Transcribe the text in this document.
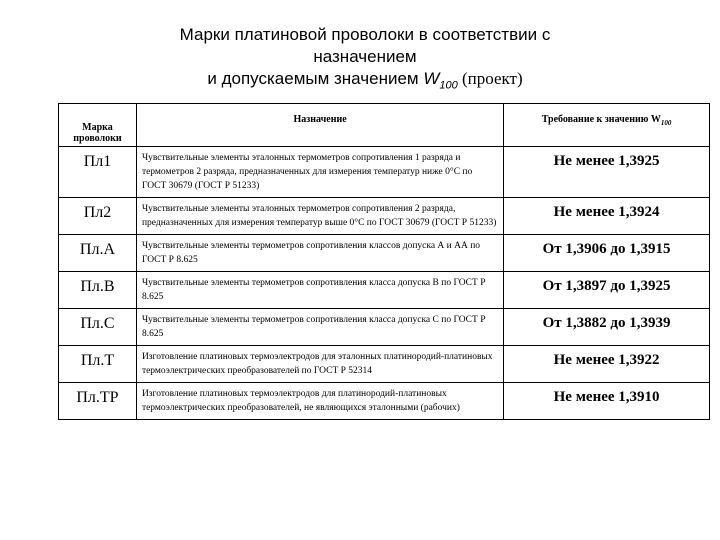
Марки платиновой проволоки в соответствии с
назначением
и допускаемым значением $W_{100}$ (проект)
Марка проволоки	Назначение	Требование к значению $W_{100}$
Пл1	Чувствительные элементы эталонных термометров сопротивления 1 разряда и термометров 2 разряда, предназначенных для измерения температур ниже 0°С по ГОСТ 30679 (ГОСТ Р 51233)	Не менее 1,3925
Пл2	Чувствительные элементы эталонных термометров сопротивления 2 разряда, предназначенных для измерения температур выше 0°С по ГОСТ 30679 (ГОСТ Р 51233)	Не менее 1,3924
Пл.А	Чувствительные элементы термометров сопротивления классов допуска А и АА по ГОСТ Р 8.625	От 1,3906 до 1,3915
Пл.В	Чувствительные элементы термометров сопротивления класса допуска В по ГОСТ Р 8.625	От 1,3897 до 1,3925
Пл.С	Чувствительные элементы термометров сопротивления класса допуска С по ГОСТ Р 8.625	От 1,3882 до 1,3939
Пл.Т	Изготовление платиновых термоэлектродов для эталонных платинородий-платиновых термоэлектрических преобразователей по ГОСТ Р 52314	Не менее 1,3922
Пл.ТР	Изготовление платиновых термоэлектродов для платинородий-платиновых термоэлектрических преобразователей, не являющихся эталонными (рабочих)	Не менее 1,3910
